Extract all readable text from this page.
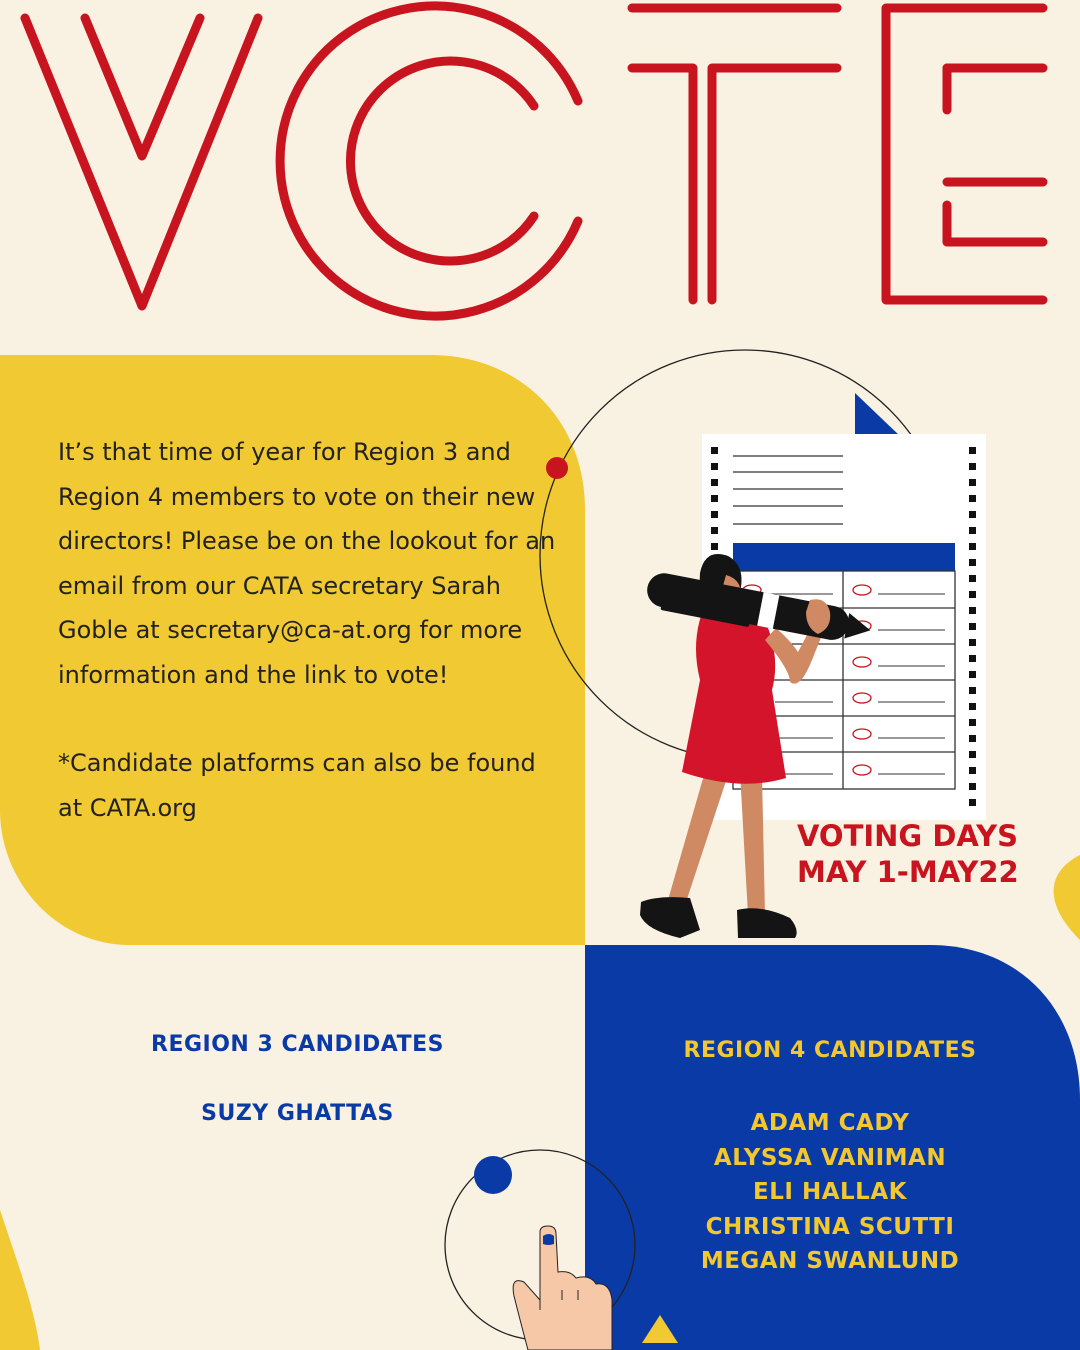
It’s that time of year for Region 3 and Region 4 members to vote on their new directors! Please be on the lookout for an email from our CATA secretary Sarah Goble at secretary@ca-at.org for more information and the link to vote!

*Candidate platforms can also be found at CATA.org

VOTING DAYS
MAY 1-MAY22
REGION 3 CANDIDATES
SUZY GHATTAS
REGION 4 CANDIDATES
ADAM CADY
ALYSSA VANIMAN
ELI HALLAK
CHRISTINA SCUTTI
MEGAN SWANLUND
